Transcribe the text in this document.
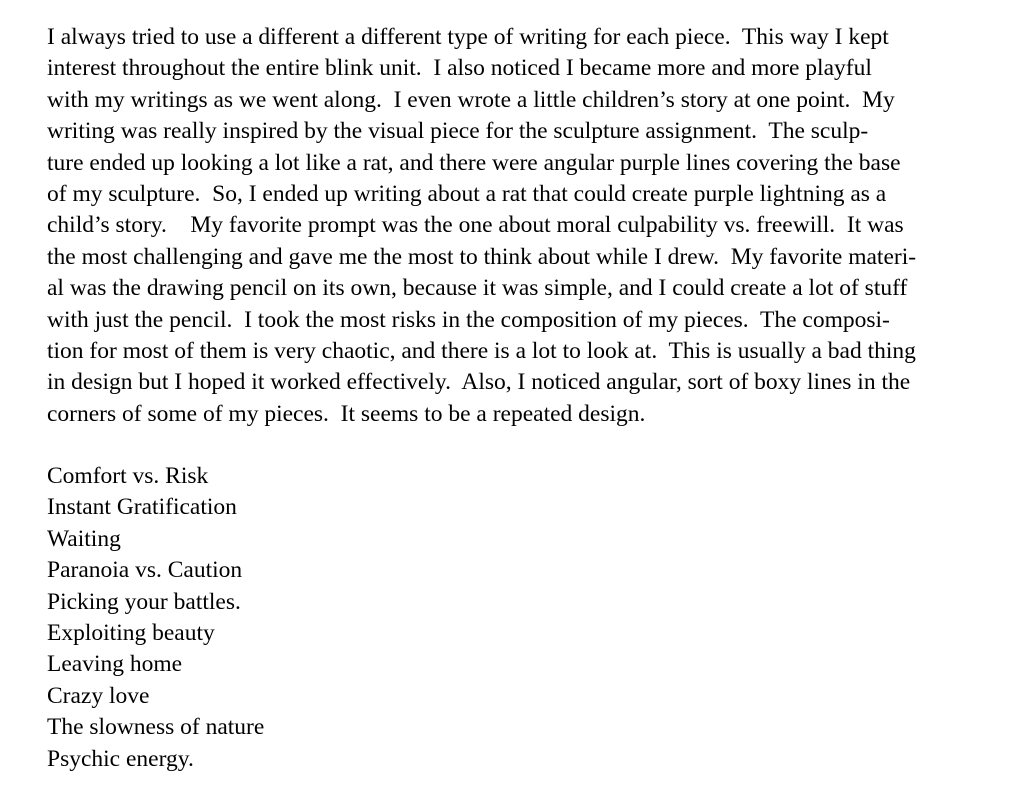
I always tried to use a different a different type of writing for each piece.  This way I kept
interest throughout the entire blink unit.  I also noticed I became more and more playful
with my writings as we went along.  I even wrote a little children’s story at one point.  My
writing was really inspired by the visual piece for the sculpture assignment.  The sculp-
ture ended up looking a lot like a rat, and there were angular purple lines covering the base
of my sculpture.  So, I ended up writing about a rat that could create purple lightning as a
child’s story.    My favorite prompt was the one about moral culpability vs. freewill.  It was
the most challenging and gave me the most to think about while I drew.  My favorite materi-
al was the drawing pencil on its own, because it was simple, and I could create a lot of stuff
with just the pencil.  I took the most risks in the composition of my pieces.  The composi-
tion for most of them is very chaotic, and there is a lot to look at.  This is usually a bad thing
in design but I hoped it worked effectively.  Also, I noticed angular, sort of boxy lines in the
corners of some of my pieces.  It seems to be a repeated design.
Comfort vs. Risk
Instant Gratification
Waiting
Paranoia vs. Caution
Picking your battles.
Exploiting beauty
Leaving home
Crazy love
The slowness of nature
Psychic energy.
